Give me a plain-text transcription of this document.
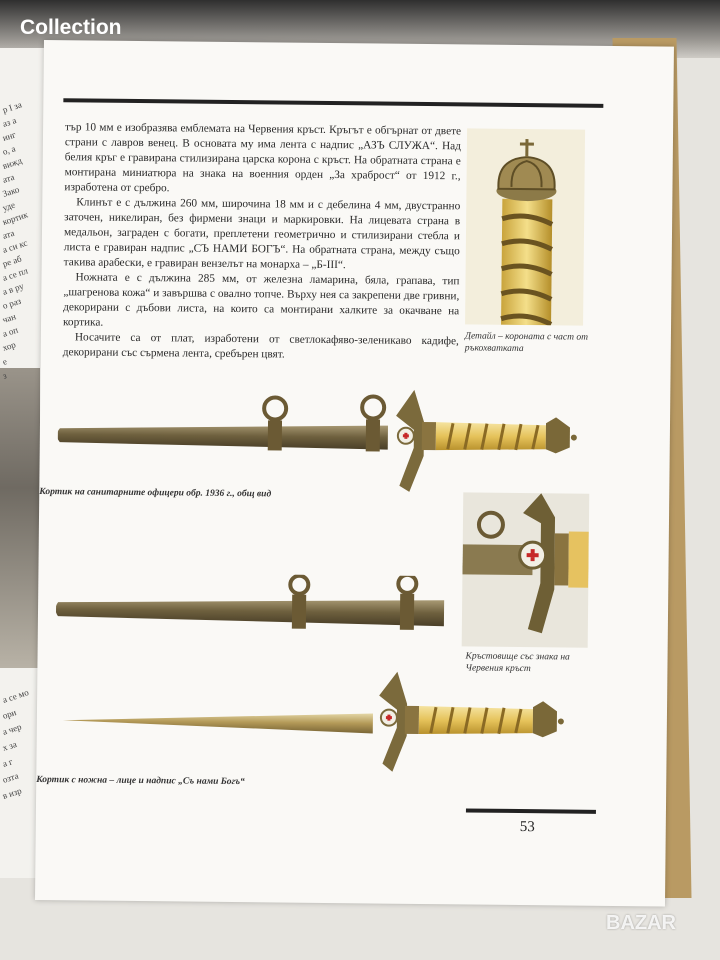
Collection
р I за
аз а
инг
о, а
вижд
ата
Зако
уде
кортик
ата
а си кс
ре аб
а се пл
а в ру
о раз
чан
а оп
хор
е
з
а се мо
ори
а чер
х за
а г
озта
в изр

тър 10 мм е изобразява емблемата на Червения кръст. Кръгът е обгърнат от двете страни с лавров венец. В основата му има лента с надпис „АЗЪ СЛУЖА“. Над белия кръг е гравирана стилизирана царска корона с кръст. На обратната страна е монтирана миниатюра на знака на военния орден „За храброст“ от 1912 г., изработена от сребро.

Клинът е с дължина 260 мм, широчина 18 мм и с дебелина 4 мм, двустранно заточен, никелиран, без фирмени знаци и маркировки. На лицевата страна в медальон, заграден с богати, преплетени геометрично и стилизирани стебла и листа е гравиран надпис „СЪ НАМИ БОГЪ“. На обратната страна, между също такива арабески, е гравиран вензелът на монарха – „Б-ІІІ“.

Ножната е с дължина 285 мм, от железна ламарина, бяла, грапава, тип „шагренова кожа“ и завършва с овално топче. Върху нея са закрепени две гривни, декорирани с дъбови листа, на които са монтирани халките за окачване на кортика.

Носачите са от плат, изработени от светлокафяво-зеленикаво кадифе, декорирани със сърмена лента, сребърен цвят.

Детайл – короната с част от ръкохватката
Кортик на санитарните офицери обр. 1936 г., общ вид
Кръстовище със знака на Червения кръст
Кортик с ножна – лице и надпис „Съ нами Богъ“
53
BAZAR
